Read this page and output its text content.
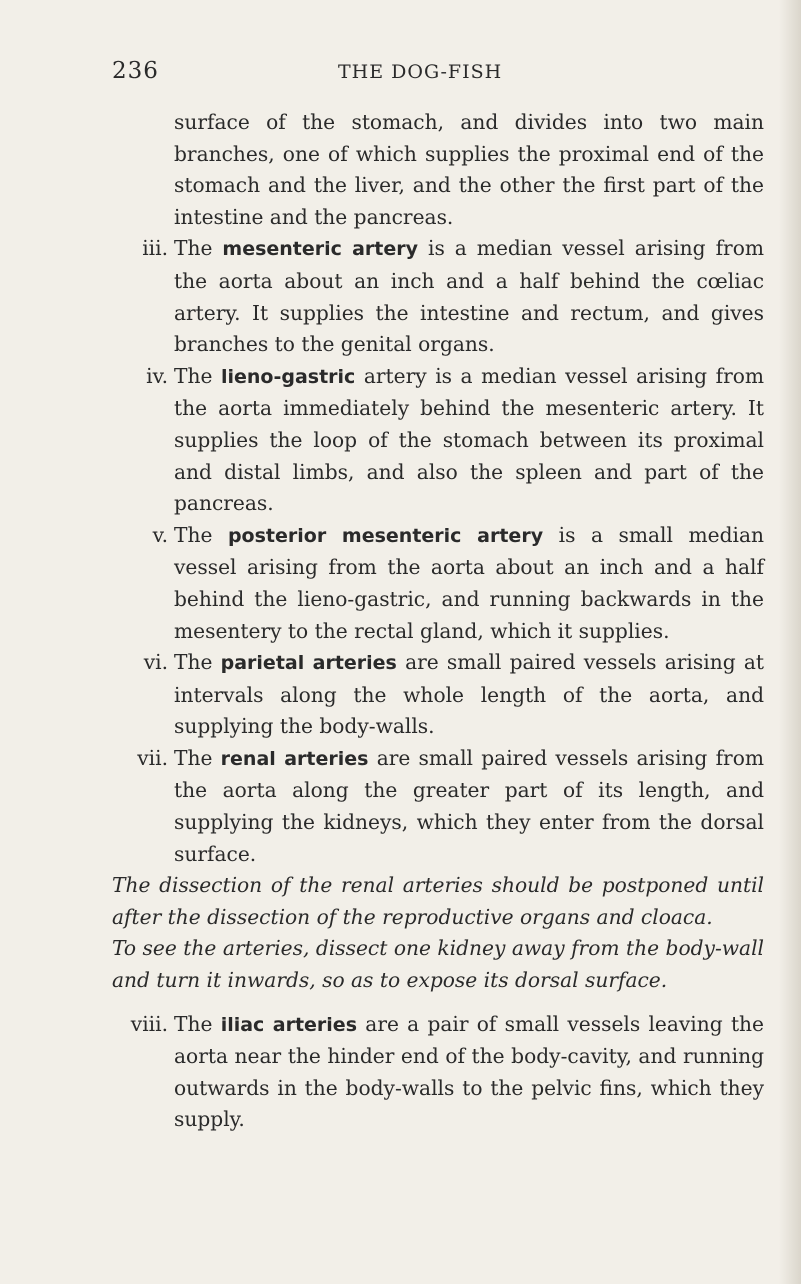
236	THE DOG-FISH

surface of the stomach, and divides into two main branches, one of which supplies the proximal end of the stomach and the liver, and the other the first part of the intestine and the pancreas.

iii. The mesenteric artery is a median vessel arising from the aorta about an inch and a half behind the cœliac artery. It supplies the intestine and rectum, and gives branches to the genital organs.

iv. The lieno-gastric artery is a median vessel arising from the aorta immediately behind the mesenteric artery. It supplies the loop of the stomach between its proximal and distal limbs, and also the spleen and part of the pancreas.

v. The posterior mesenteric artery is a small median vessel arising from the aorta about an inch and a half behind the lieno-gastric, and running backwards in the mesentery to the rectal gland, which it supplies.

vi. The parietal arteries are small paired vessels arising at intervals along the whole length of the aorta, and supplying the body-walls.

vii. The renal arteries are small paired vessels arising from the aorta along the greater part of its length, and supplying the kidneys, which they enter from the dorsal surface.

The dissection of the renal arteries should be postponed until after the dissection of the reproductive organs and cloaca.

To see the arteries, dissect one kidney away from the body-wall and turn it inwards, so as to expose its dorsal surface.

viii. The iliac arteries are a pair of small vessels leaving the aorta near the hinder end of the body-cavity, and running outwards in the body-walls to the pelvic fins, which they supply.
